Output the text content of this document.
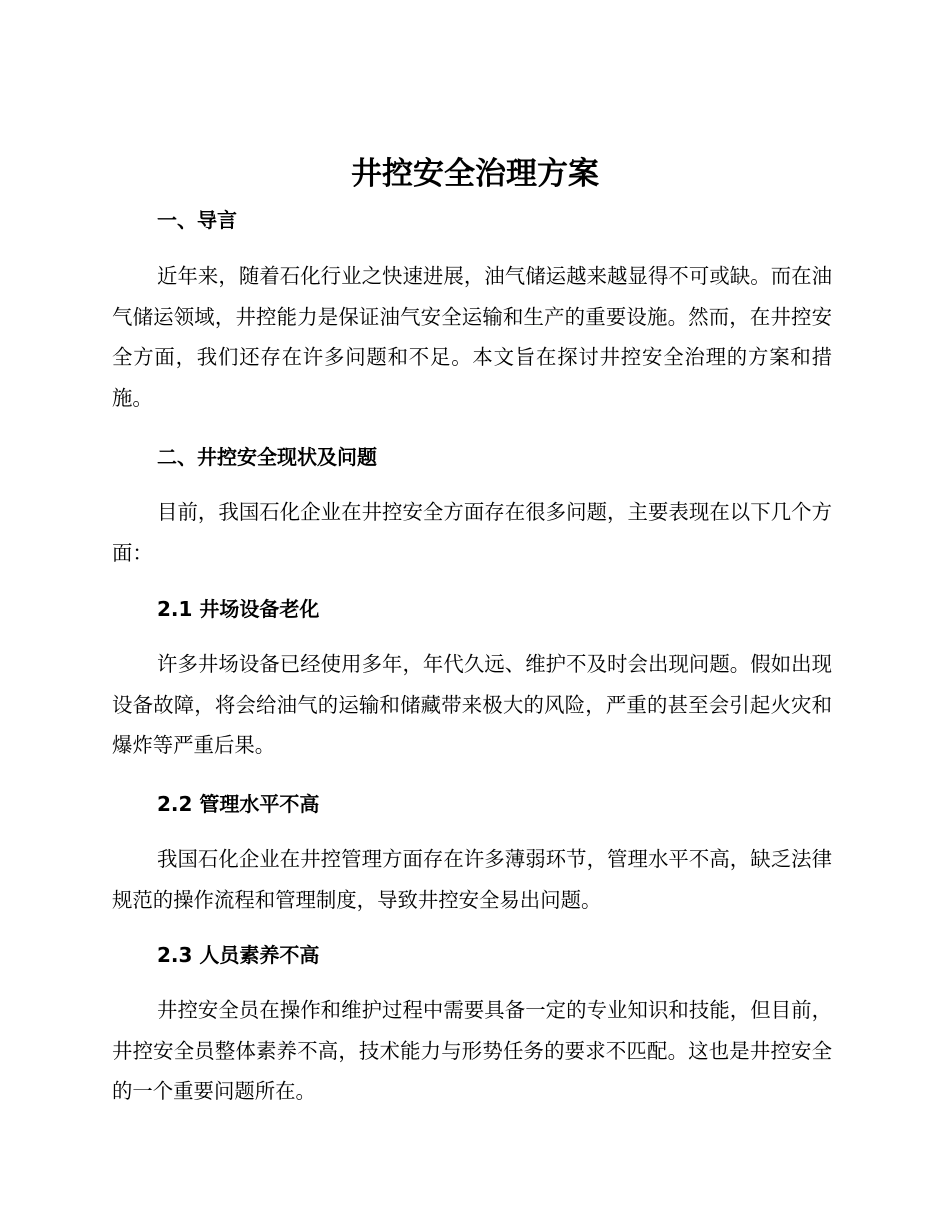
井控安全治理方案
一、导言

近年来，随着石化行业之快速进展，油气储运越来越显得不可或缺。而在油气储运领域，井控能力是保证油气安全运输和生产的重要设施。然而，在井控安全方面，我们还存在许多问题和不足。本文旨在探讨井控安全治理的方案和措施。

二、井控安全现状及问题

目前，我国石化企业在井控安全方面存在很多问题，主要表现在以下几个方面：

2.1 井场设备老化

许多井场设备已经使用多年，年代久远、维护不及时会出现问题。假如出现设备故障，将会给油气的运输和储藏带来极大的风险，严重的甚至会引起火灾和爆炸等严重后果。

2.2 管理水平不高

我国石化企业在井控管理方面存在许多薄弱环节，管理水平不高，缺乏法律规范的操作流程和管理制度，导致井控安全易出问题。

2.3 人员素养不高

井控安全员在操作和维护过程中需要具备一定的专业知识和技能，但目前，井控安全员整体素养不高，技术能力与形势任务的要求不匹配。这也是井控安全的一个重要问题所在。
